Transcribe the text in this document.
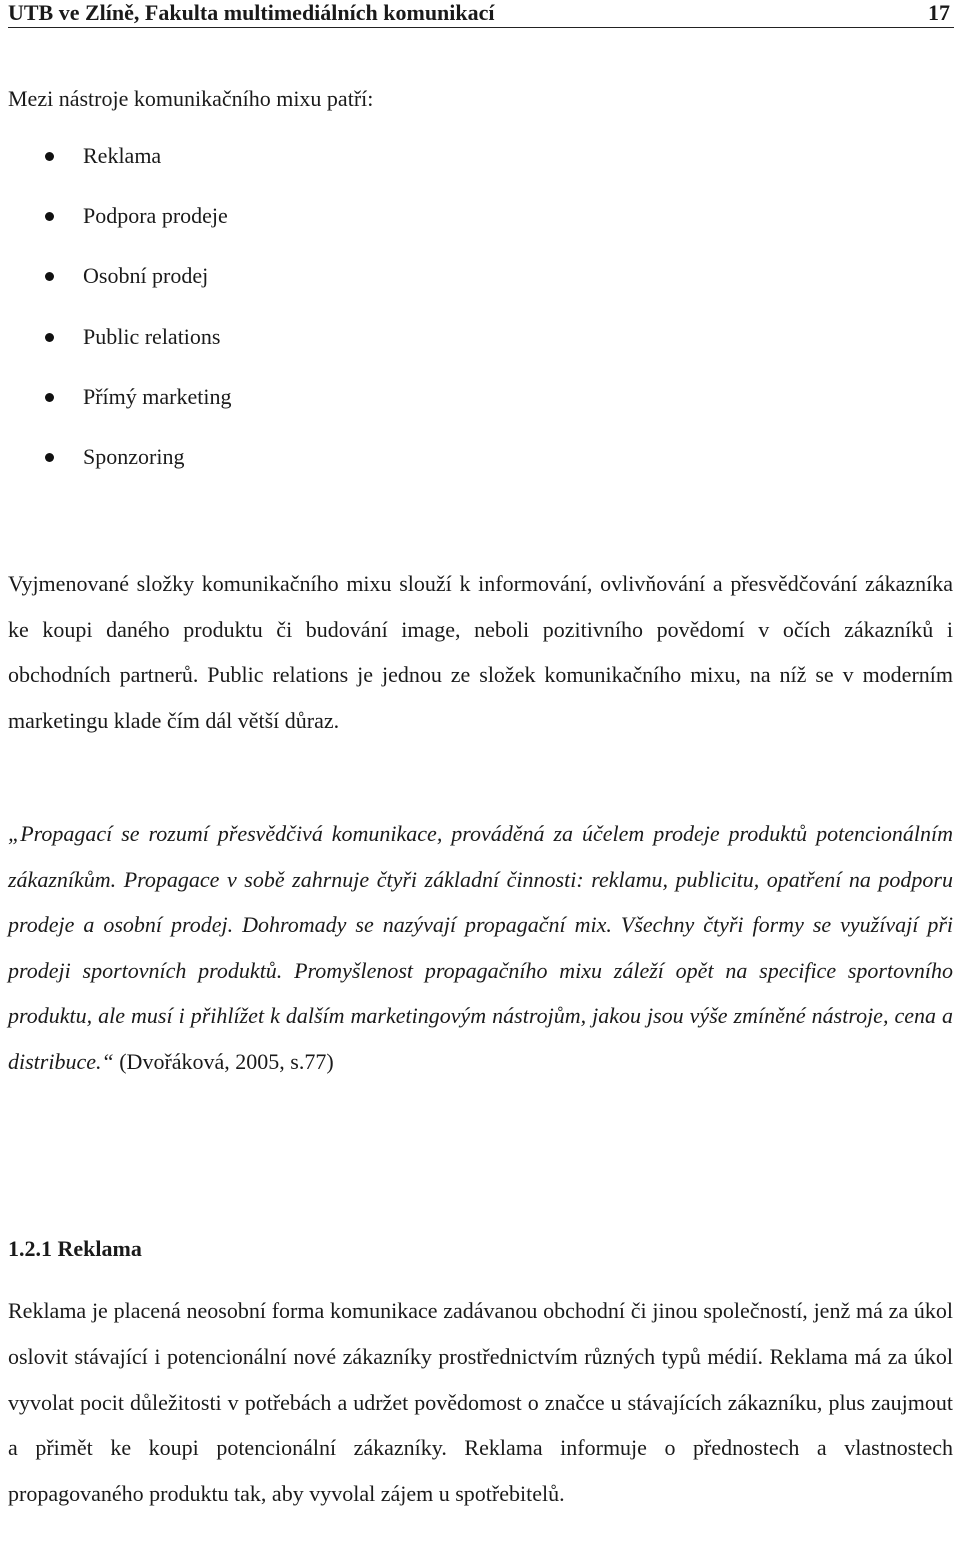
UTB ve Zlíně, Fakulta multimediálních komunikací	17

Mezi nástroje komunikačního mixu patří:

Reklama
Podpora prodeje
Osobní prodej
Public relations
Přímý marketing
Sponzoring

Vyjmenované složky komunikačního mixu slouží k informování, ovlivňování a přesvědčování zákazníka ke koupi daného produktu či budování image, neboli pozitivního povědomí v očích zákazníků i obchodních partnerů. Public relations je jednou ze složek komunikačního mixu, na níž se v moderním marketingu klade čím dál větší důraz.

„Propagací se rozumí přesvědčivá komunikace, prováděná za účelem prodeje produktů potencionálním zákazníkům. Propagace v sobě zahrnuje čtyři základní činnosti: reklamu, publicitu, opatření na podporu prodeje a osobní prodej. Dohromady se nazývají propagační mix. Všechny čtyři formy se využívají při prodeji sportovních produktů. Promyšlenost propagačního mixu záleží opět na specifice sportovního produktu, ale musí i přihlížet k dalším marketingovým nástrojům, jakou jsou výše zmíněné nástroje, cena a distribuce.“ (Dvořáková, 2005, s.77)

1.2.1 Reklama

Reklama je placená neosobní forma komunikace zadávanou obchodní či jinou společností, jenž má za úkol oslovit stávající i potencionální nové zákazníky prostřednictvím různých typů médií. Reklama má za úkol vyvolat pocit důležitosti v potřebách a udržet povědomost o značce u stávajících zákazníku, plus zaujmout a přimět ke koupi potencionální zákazníky. Reklama informuje o přednostech a vlastnostech propagovaného produktu tak, aby vyvolal zájem u spotřebitelů.
